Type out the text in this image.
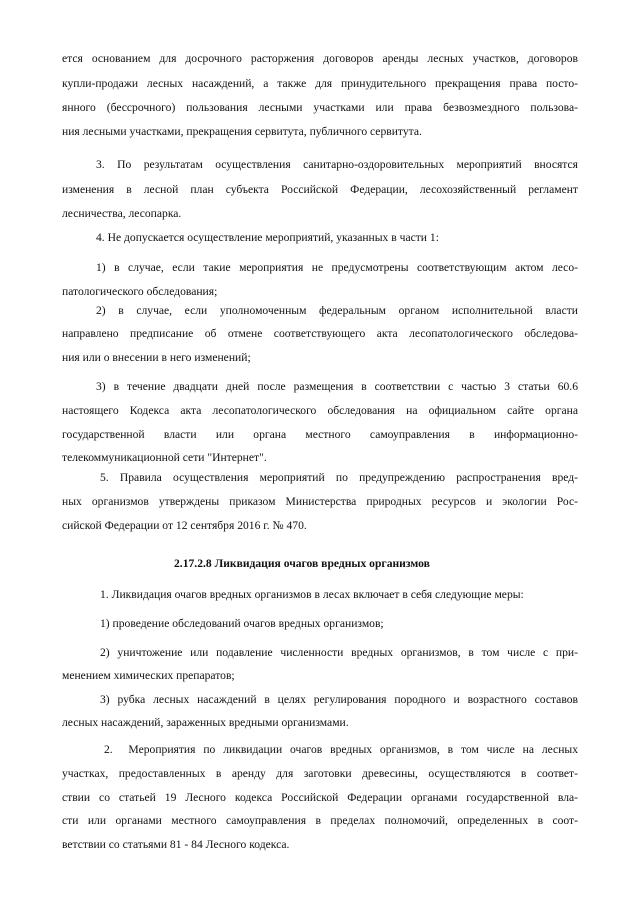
ется основанием для досрочного расторжения договоров аренды лесных участков, договоров
купли-продажи лесных насаждений, а также для принудительного прекращения права посто-
янного (бессрочного) пользования лесными участками или права безвозмездного пользова-
ния лесными участками, прекращения сервитута, публичного сервитута.
3. По результатам осуществления санитарно-оздоровительных мероприятий вносятся
изменения в лесной план субъекта Российской Федерации, лесохозяйственный регламент
лесничества, лесопарка.
4. Не допускается осуществление мероприятий, указанных в части 1:
1) в случае, если такие мероприятия не предусмотрены соответствующим актом лесо-
патологического обследования;
2) в случае, если уполномоченным федеральным органом исполнительной власти
направлено предписание об отмене соответствующего акта лесопатологического обследова-
ния или о внесении в него изменений;
3) в течение двадцати дней после размещения в соответствии с частью 3 статьи 60.6
настоящего Кодекса акта лесопатологического обследования на официальном сайте органа
государственной власти или органа местного самоуправления в информационно-
телекоммуникационной сети "Интернет".
5. Правила осуществления мероприятий по предупреждению распространения вред-
ных организмов утверждены приказом Министерства природных ресурсов и экологии Рос-
сийской Федерации от 12 сентября 2016 г. № 470.
2.17.2.8 Ликвидация очагов вредных организмов
1. Ликвидация очагов вредных организмов в лесах включает в себя следующие меры:
1) проведение обследований очагов вредных организмов;
2) уничтожение или подавление численности вредных организмов, в том числе с при-
менением химических препаратов;
3) рубка лесных насаждений в целях регулирования породного и возрастного составов
лесных насаждений, зараженных вредными организмами.
2.  Мероприятия по ликвидации очагов вредных организмов, в том числе на лесных
участках, предоставленных в аренду для заготовки древесины, осуществляются в соответ-
ствии со статьей 19 Лесного кодекса Российской Федерации органами государственной вла-
сти или органами местного самоуправления в пределах полномочий, определенных в соот-
ветствии со статьями 81 - 84 Лесного кодекса.
